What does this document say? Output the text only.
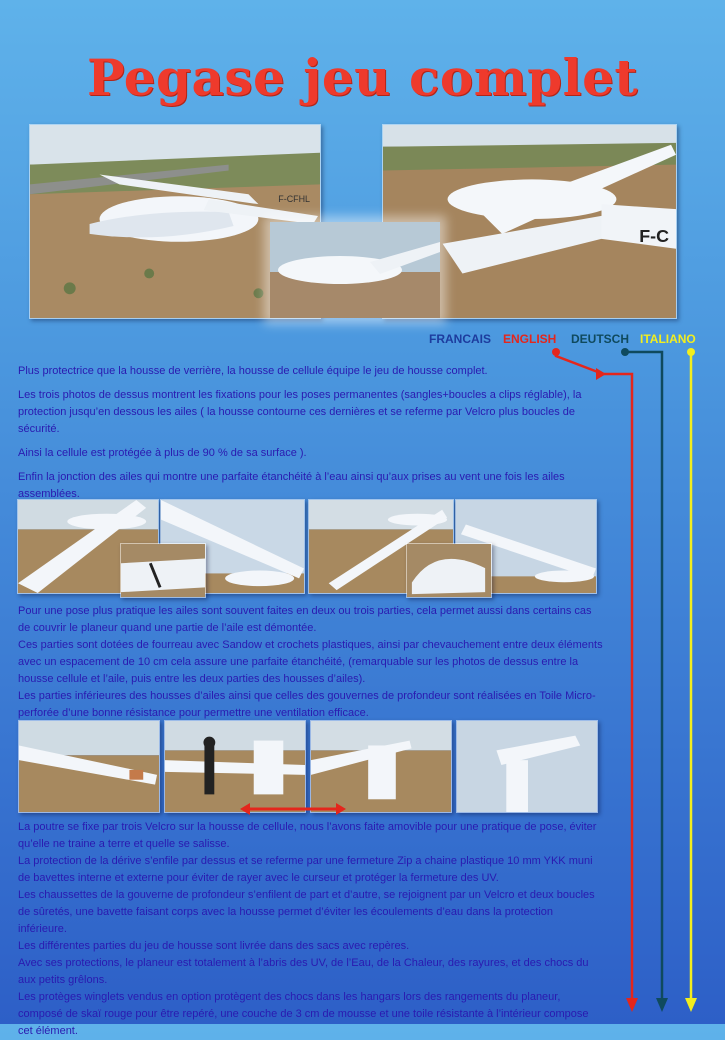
Pegase jeu complet
F-CFHL
F-C
FRANCAIS ENGLISH DEUTSCH ITALIANO

Plus protectrice que la housse de verrière, la housse de cellule équipe le jeu de housse complet.

Les trois photos de dessus montrent les fixations pour les poses permanentes (sangles+boucles a clips réglable), la protection jusqu’en dessous les ailes ( la housse contourne ces dernières et se referme par Velcro plus boucles de sécurité.

Ainsi la cellule est protégée à plus de 90 % de sa surface ).

Enfin la jonction des ailes qui montre une parfaite étanchéité à l’eau ainsi qu’aux prises au vent une fois les ailes assemblées.

Pour une pose plus pratique les ailes sont souvent faites en deux ou trois parties, cela permet aussi dans certains cas de couvrir le planeur quand une partie de l’aile est démontée.

Ces parties sont dotées de fourreau avec Sandow et crochets plastiques, ainsi par chevauchement entre deux éléments avec un espacement de 10 cm cela assure une parfaite étanchéité, (remarquable sur les photos de dessus entre la housse cellule et l’aile, puis entre les deux parties des housses d’ailes).

Les parties inférieures des housses d’ailes ainsi que celles des gouvernes de profondeur sont réalisées en Toile Micro-perforée d’une bonne résistance pour permettre une ventilation efficace.

La poutre se fixe par trois Velcro sur la housse de cellule, nous l’avons faite amovible pour une pratique de pose, éviter qu’elle ne traine a terre et quelle se salisse.

La protection de la dérive s’enfile par dessus et se referme par une fermeture Zip a chaine plastique 10 mm YKK muni de bavettes interne et externe pour éviter de rayer avec le curseur et protéger la fermeture des UV.

Les chaussettes de la gouverne de profondeur s’enfilent de part et d’autre, se rejoignent par un Velcro et deux boucles de sûretés, une bavette faisant corps avec la housse permet d’éviter les écoulements d’eau dans la protection inférieure.

Les différentes parties du jeu de housse sont livrée dans des sacs avec repères.

Avec ses protections, le planeur est totalement à l’abris des UV, de l’Eau, de la Chaleur, des rayures, et des chocs du aux petits grêlons.

Les protèges winglets vendus en option protègent des chocs dans les hangars lors des rangements du planeur, composé de skaï rouge pour être repéré, une couche de 3 cm de mousse et une toile résistante à l’intérieur compose cet élément.
